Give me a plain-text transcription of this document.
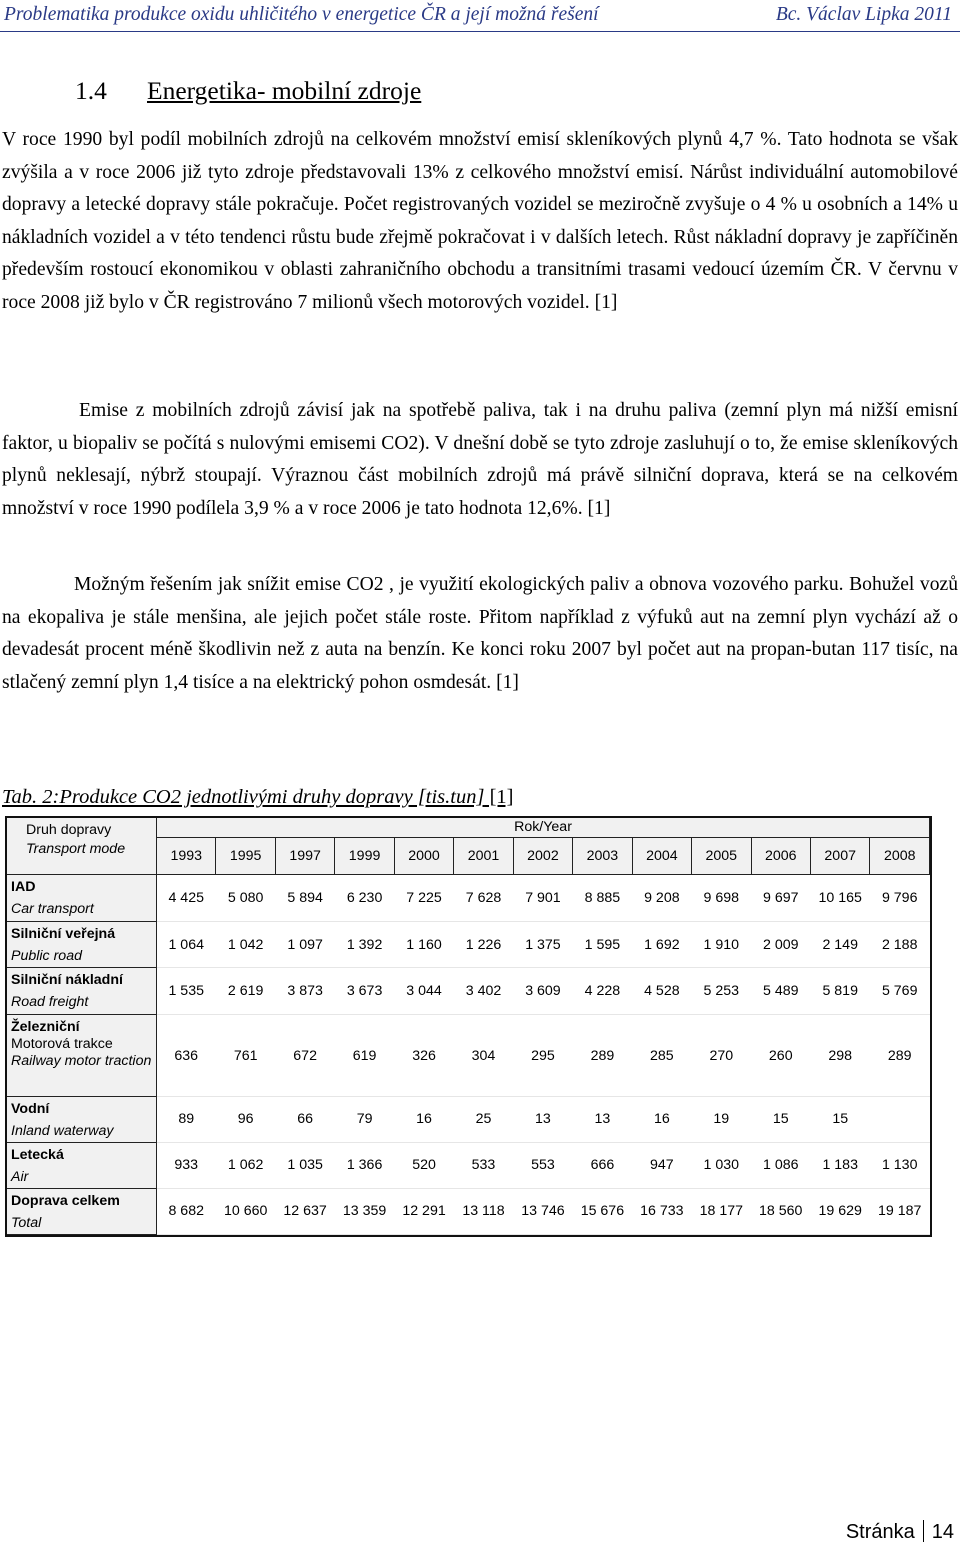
Problematika produkce oxidu uhličitého v energetice ČR a její možná řešení	Bc. Václav Lipka 2011
1.4 Energetika- mobilní zdroje

V roce 1990 byl podíl mobilních zdrojů na celkovém množství emisí skleníkových plynů 4,7 %. Tato hodnota se však zvýšila a v roce 2006 již tyto zdroje představovali 13% z celkového množství emisí. Nárůst individuální automobilové dopravy a letecké dopravy stále pokračuje. Počet registrovaných vozidel se meziročně zvyšuje o 4 % u osobních a 14% u nákladních vozidel a v této tendenci růstu bude zřejmě pokračovat i v dalších letech. Růst nákladní dopravy je zapříčiněn především rostoucí ekonomikou v oblasti zahraničního obchodu a transitními trasami vedoucí územím ČR. V červnu v roce 2008 již bylo v ČR registrováno 7 milionů všech motorových vozidel. [1]

Emise z mobilních zdrojů závisí jak na spotřebě paliva, tak i na druhu paliva (zemní plyn má nižší emisní faktor, u biopaliv se počítá s nulovými emisemi CO2). V dnešní době se tyto zdroje zasluhují o to, že emise skleníkových plynů neklesají, nýbrž stoupají. Výraznou část mobilních zdrojů má právě silniční doprava, která se na celkovém množství v roce 1990 podílela 3,9 % a v roce 2006 je tato hodnota 12,6%. [1]

Možným řešením jak snížit emise CO2 , je využití ekologických paliv a obnova vozového parku. Bohužel vozů na ekopaliva je stále menšina, ale jejich počet stále roste. Přitom například z výfuků aut na zemní plyn vychází až o devadesát procent méně škodlivin než z auta na benzín. Ke konci roku 2007 byl počet aut na propan-butan 117 tisíc, na stlačený zemní plyn 1,4 tisíce a na elektrický pohon osmdesát. [1]

Tab. 2:Produkce CO2 jednotlivými druhy dopravy [tis.tun] [1]
Druh dopravy
Transport mode	Rok/Year												
	1993	1995	1997	1999	2000	2001	2002	2003	2004	2005	2006	2007	2008

IAD
Car transport	4 425	5 080	5 894	6 230	7 225	7 628	7 901	8 885	9 208	9 698	9 697	10 165	9 796

Silniční veřejná
Public road	1 064	1 042	1 097	1 392	1 160	1 226	1 375	1 595	1 692	1 910	2 009	2 149	2 188

Silniční nákladní
Road freight	1 535	2 619	3 873	3 673	3 044	3 402	3 609	4 228	4 528	5 253	5 489	5 819	5 769

Železniční
Motorová trakce
Railway motor traction	636	761	672	619	326	304	295	289	285	270	260	298	289

Vodní
Inland waterway	89	96	66	79	16	25	13	13	16	19	15	15	

Letecká
Air	933	1 062	1 035	1 366	520	533	553	666	947	1 030	1 086	1 183	1 130

Doprava celkem
Total	8 682	10 660	12 637	13 359	12 291	13 118	13 746	15 676	16 733	18 177	18 560	19 629	19 187
Stránka 14
